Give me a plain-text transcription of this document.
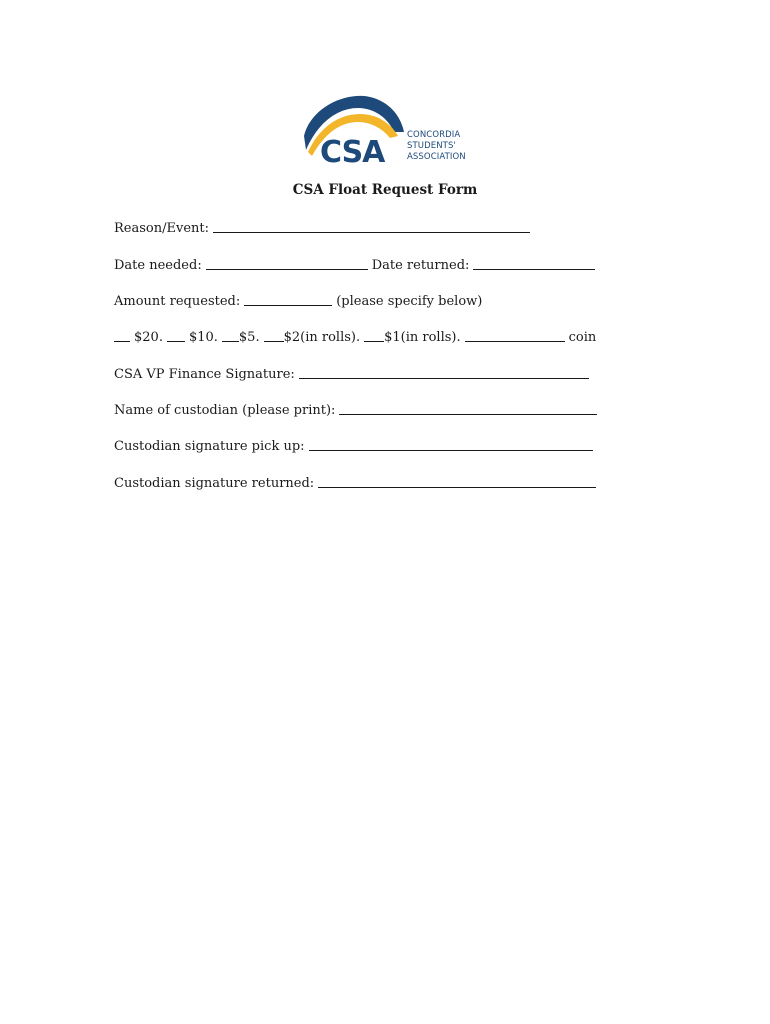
CSA	CONCORDIA
STUDENTS'
ASSOCIATION
CSA Float Request Form
Reason/Event:
Date needed:	Date returned:
Amount requested:	(please specify below)
$20. $10. $5. $2(in rolls). $1(in rolls).	coin
CSA VP Finance Signature:
Name of custodian (please print):
Custodian signature pick up:
Custodian signature returned:
